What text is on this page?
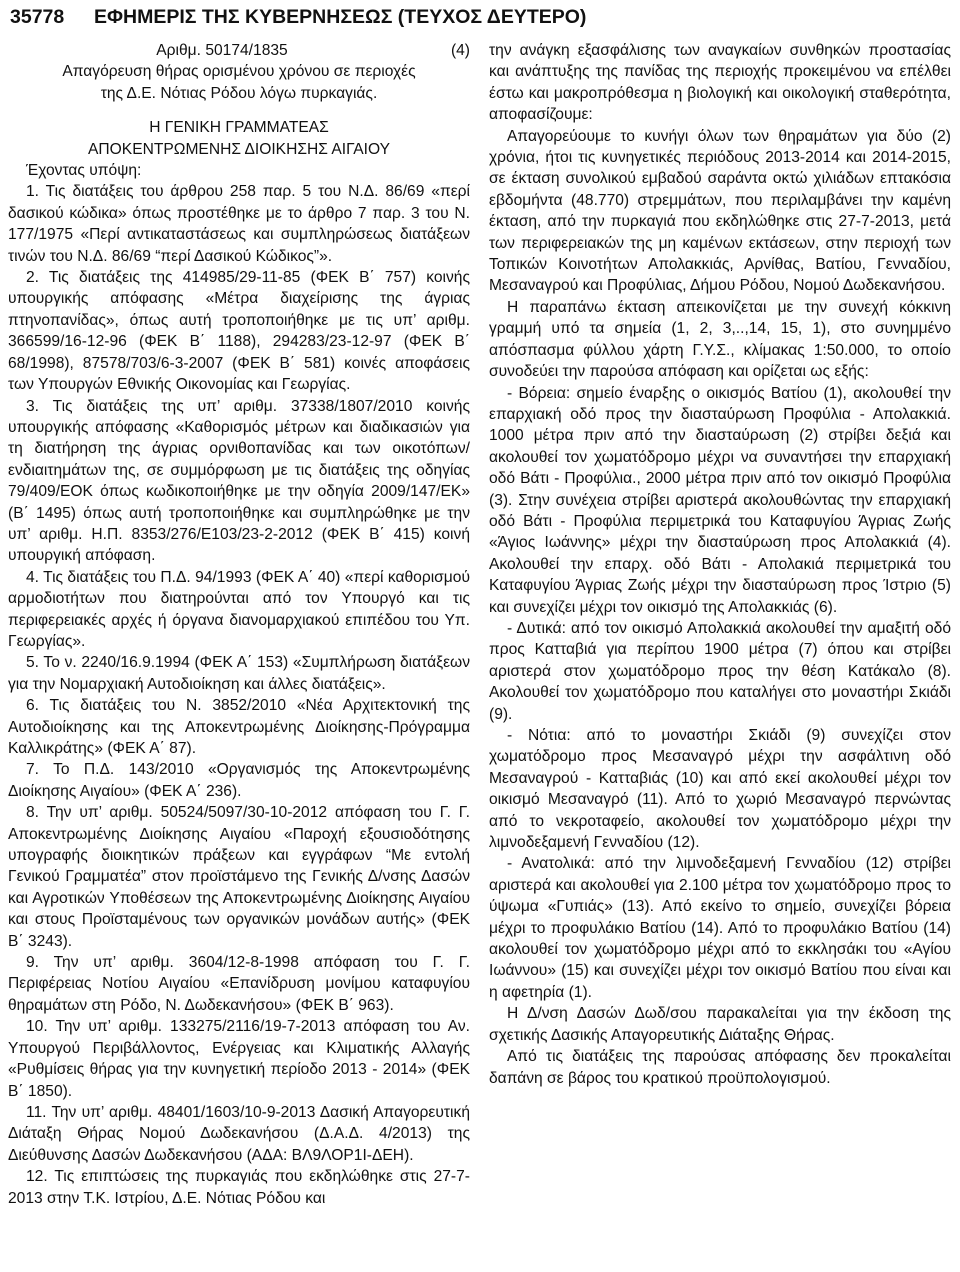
35778 ΕΦΗΜΕΡΙΣ ΤΗΣ ΚΥΒΕΡΝΗΣΕΩΣ (ΤΕΥΧΟΣ ΔΕΥΤΕΡΟ)
(4)

Αριθμ. 50174/1835

Απαγόρευση θήρας ορισμένου χρόνου σε περιοχές

της Δ.Ε. Νότιας Ρόδου λόγω πυρκαγιάς.

Η ΓΕΝΙΚΗ ΓΡΑΜΜΑΤΕΑΣ

ΑΠΟΚΕΝΤΡΩΜΕΝΗΣ ΔΙΟΙΚΗΣΗΣ ΑΙΓΑΙΟΥ

Έχοντας υπόψη:

1. Τις διατάξεις του άρθρου 258 παρ. 5 του Ν.Δ. 86/69 «περί δασικού κώδικα» όπως προστέθηκε με το άρθρο 7 παρ. 3 του Ν. 177/1975 «Περί αντικαταστάσεως και συμπληρώσεως διατάξεων τινών του Ν.Δ. 86/69 “περί Δασικού Κώδικος”».

2. Τις διατάξεις της 414985/29-11-85 (ΦΕΚ Β΄ 757) κοινής υπουργικής απόφασης «Μέτρα διαχείρισης της άγριας πτηνοπανίδας», όπως αυτή τροποποιήθηκε με τις υπ’ αριθμ. 366599/16-12-96 (ΦΕΚ Β΄ 1188), 294283/23-12-97 (ΦΕΚ Β΄ 68/1998), 87578/703/6-3-2007 (ΦΕΚ Β΄ 581) κοινές αποφάσεις των Υπουργών Εθνικής Οικονομίας και Γεωργίας.

3. Τις διατάξεις της υπ’ αριθμ. 37338/1807/2010 κοινής υπουργικής απόφασης «Καθορισμός μέτρων και διαδικασιών για τη διατήρηση της άγριας ορνιθοπανίδας και των οικοτόπων/ενδιαιτημάτων της, σε συμμόρφωση με τις διατάξεις της οδηγίας 79/409/ΕΟΚ όπως κωδικοποιήθηκε με την οδηγία 2009/147/ΕΚ» (Β΄ 1495) όπως αυτή τροποποιήθηκε και συμπληρώθηκε με την υπ’ αριθμ. Η.Π. 8353/276/Ε103/23-2-2012 (ΦΕΚ Β΄ 415) κοινή υπουργική απόφαση.

4. Τις διατάξεις του Π.Δ. 94/1993 (ΦΕΚ Α΄ 40) «περί καθορισμού αρμοδιοτήτων που διατηρούνται από τον Υπουργό και τις περιφερειακές αρχές ή όργανα διανομαρχιακού επιπέδου του Υπ. Γεωργίας».

5. Το ν. 2240/16.9.1994 (ΦΕΚ Α΄ 153) «Συμπλήρωση διατάξεων για την Νομαρχιακή Αυτοδιοίκηση και άλλες διατάξεις».

6. Τις διατάξεις του Ν. 3852/2010 «Νέα Αρχιτεκτονική της Αυτοδιοίκησης και της Αποκεντρωμένης Διοίκησης-Πρόγραμμα Καλλικράτης» (ΦΕΚ Α΄ 87).

7. Το Π.Δ. 143/2010 «Οργανισμός της Αποκεντρωμένης Διοίκησης Αιγαίου» (ΦΕΚ Α΄ 236).

8. Την υπ’ αριθμ. 50524/5097/30-10-2012 απόφαση του Γ. Γ. Αποκεντρωμένης Διοίκησης Αιγαίου «Παροχή εξουσιοδότησης υπογραφής διοικητικών πράξεων και εγγράφων “Με εντολή Γενικού Γραμματέα” στον προϊστάμενο της Γενικής Δ/νσης Δασών και Αγροτικών Υποθέσεων της Αποκεντρωμένης Διοίκησης Αιγαίου και στους Προϊσταμένους των οργανικών μονάδων αυτής» (ΦΕΚ Β΄ 3243).

9. Την υπ’ αριθμ. 3604/12-8-1998 απόφαση του Γ. Γ. Περιφέρειας Νοτίου Αιγαίου «Επανίδρυση μονίμου καταφυγίου θηραμάτων στη Ρόδο, Ν. Δωδεκανήσου» (ΦΕΚ Β΄ 963).

10. Την υπ’ αριθμ. 133275/2116/19-7-2013 απόφαση του Αν. Υπουργού Περιβάλλοντος, Ενέργειας και Κλιματικής Αλλαγής «Ρυθμίσεις θήρας για την κυνηγετική περίοδο 2013 - 2014» (ΦΕΚ Β΄ 1850).

11. Την υπ’ αριθμ. 48401/1603/10-9-2013 Δασική Απαγορευτική Διάταξη Θήρας Νομού Δωδεκανήσου (Δ.Α.Δ. 4/2013) της Διεύθυνσης Δασών Δωδεκανήσου (ΑΔΑ: ΒΛ9ΛΟΡ1Ι-ΔΕΗ).

12. Τις επιπτώσεις της πυρκαγιάς που εκδηλώθηκε στις 27-7-2013 στην Τ.Κ. Ιστρίου, Δ.Ε. Νότιας Ρόδου και

την ανάγκη εξασφάλισης των αναγκαίων συνθηκών προστασίας και ανάπτυξης της πανίδας της περιοχής προκειμένου να επέλθει έστω και μακροπρόθεσμα η βιολογική και οικολογική σταθερότητα, αποφασίζουμε:

Απαγορεύουμε το κυνήγι όλων των θηραμάτων για δύο (2) χρόνια, ήτοι τις κυνηγετικές περιόδους 2013-2014 και 2014-2015, σε έκταση συνολικού εμβαδού σαράντα οκτώ χιλιάδων επτακόσια εβδομήντα (48.770) στρεμμάτων, που περιλαμβάνει την καμένη έκταση, από την πυρκαγιά που εκδηλώθηκε στις 27-7-2013, μετά των περιφερειακών της μη καμένων εκτάσεων, στην περιοχή των Τοπικών Κοινοτήτων Απολακκιάς, Αρνίθας, Βατίου, Γενναδίου, Μεσαναγρού και Προφύλιας, Δήμου Ρόδου, Νομού Δωδεκανήσου.

Η παραπάνω έκταση απεικονίζεται με την συνεχή κόκκινη γραμμή υπό τα σημεία (1, 2, 3,..,14, 15, 1), στο συνημμένο απόσπασμα φύλλου χάρτη Γ.Υ.Σ., κλίμακας 1:50.000, το οποίο συνοδεύει την παρούσα απόφαση και ορίζεται ως εξής:

- Βόρεια: σημείο έναρξης ο οικισμός Βατίου (1), ακολουθεί την επαρχιακή οδό προς την διασταύρωση Προφύλια - Απολακκιά. 1000 μέτρα πριν από την διασταύρωση (2) στρίβει δεξιά και ακολουθεί τον χωματόδρομο μέχρι να συναντήσει την επαρχιακή οδό Βάτι - Προφύλια., 2000 μέτρα πριν από τον οικισμό Προφύλια (3). Στην συνέχεια στρίβει αριστερά ακολουθώντας την επαρχιακή οδό Βάτι - Προφύλια περιμετρικά του Καταφυγίου Άγριας Ζωής «Άγιος Ιωάννης» μέχρι την διασταύρωση προς Απολακκιά (4). Ακολουθεί την επαρχ. οδό Βάτι - Απολακιά περιμετρικά του Καταφυγίου Άγριας Ζωής μέχρι την διασταύρωση προς Ίστριο (5) και συνεχίζει μέχρι τον οικισμό της Απολακκιάς (6).

- Δυτικά: από τον οικισμό Απολακκιά ακολουθεί την αμαξιτή οδό προς Κατταβιά για περίπου 1900 μέτρα (7) όπου και στρίβει αριστερά στον χωματόδρομο προς την θέση Κατάκαλο (8). Ακολουθεί τον χωματόδρομο που καταλήγει στο μοναστήρι Σκιάδι (9).

- Νότια: από το μοναστήρι Σκιάδι (9) συνεχίζει στον χωματόδρομο προς Μεσαναγρό μέχρι την ασφάλτινη οδό Μεσαναγρού - Κατταβιάς (10) και από εκεί ακολουθεί μέχρι τον οικισμό Μεσαναγρό (11). Από το χωριό Μεσαναγρό περνώντας από το νεκροταφείο, ακολουθεί τον χωματόδρομο μέχρι την λιμνοδεξαμενή Γενναδίου (12).

- Ανατολικά: από την λιμνοδεξαμενή Γενναδίου (12) στρίβει αριστερά και ακολουθεί για 2.100 μέτρα τον χωματόδρομο προς το ύψωμα «Γυπιάς» (13). Από εκείνο το σημείο, συνεχίζει βόρεια μέχρι το προφυλάκιο Βατίου (14). Από το προφυλάκιο Βατίου (14) ακολουθεί τον χωματόδρομο μέχρι από το εκκλησάκι του «Αγίου Ιωάννου» (15) και συνεχίζει μέχρι τον οικισμό Βατίου που είναι και η αφετηρία (1).

Η Δ/νση Δασών Δωδ/σου παρακαλείται για την έκδοση της σχετικής Δασικής Απαγορευτικής Διάταξης Θήρας.

Από τις διατάξεις της παρούσας απόφασης δεν προκαλείται δαπάνη σε βάρος του κρατικού προϋπολογισμού.
